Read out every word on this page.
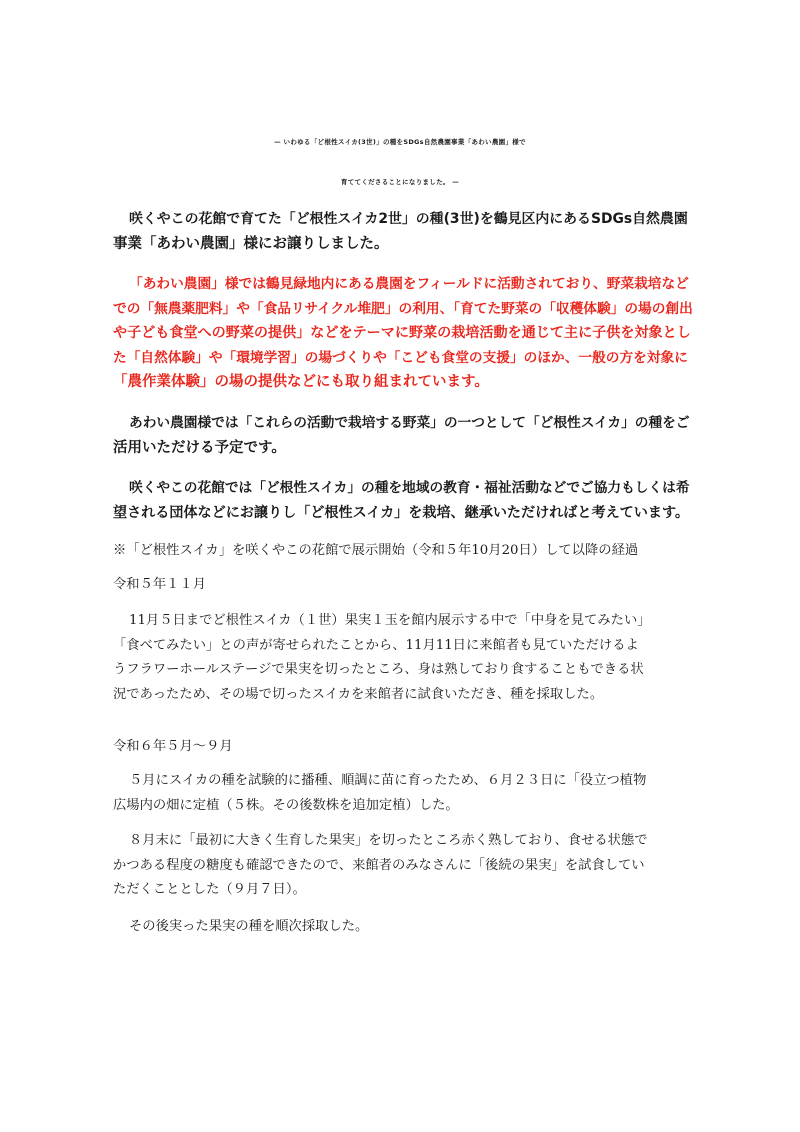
— いわゆる「ど根性スイカ(3世)」の種をSDGs自然農園事業「あわい農園」様で
育ててくださることになりました。 —

咲くやこの花館で育てた「ど根性スイカ2世」の種(3世)を鶴見区内にあるSDGs自然農園
事業「あわい農園」様にお譲りしました。

「あわい農園」様では鶴見緑地内にある農園をフィールドに活動されており、野菜栽培など
での「無農薬肥料」や「食品リサイクル堆肥」の利用、「育てた野菜の「収穫体験」の場の創出
や子ども食堂への野菜の提供」などをテーマに野菜の栽培活動を通じて主に子供を対象とし
た「自然体験」や「環境学習」の場づくりや「こども食堂の支援」のほか、一般の方を対象に
「農作業体験」の場の提供などにも取り組まれています。

あわい農園様では「これらの活動で栽培する野菜」の一つとして「ど根性スイカ」の種をご
活用いただける予定です。

咲くやこの花館では「ど根性スイカ」の種を地域の教育・福祉活動などでご協力もしくは希
望される団体などにお譲りし「ど根性スイカ」を栽培、継承いただければと考えています。

※「ど根性スイカ」を咲くやこの花館で展示開始（令和５年10月20日）して以降の経過

令和５年１１月

11月５日までど根性スイカ（１世）果実１玉を館内展示する中で「中身を見てみたい」
「食べてみたい」との声が寄せられたことから、11月11日に来館者も見ていただけるよ
うフラワーホールステージで果実を切ったところ、身は熟しており食することもできる状
況であったため、その場で切ったスイカを来館者に試食いただき、種を採取した。

令和６年５月～９月

５月にスイカの種を試験的に播種、順調に苗に育ったため、６月２３日に「役立つ植物
広場内の畑に定植（５株。その後数株を追加定植）した。

８月末に「最初に大きく生育した果実」を切ったところ赤く熟しており、食せる状態で
かつある程度の糖度も確認できたので、来館者のみなさんに「後続の果実」を試食してい
ただくこととした（９月７日）。

その後実った果実の種を順次採取した。
